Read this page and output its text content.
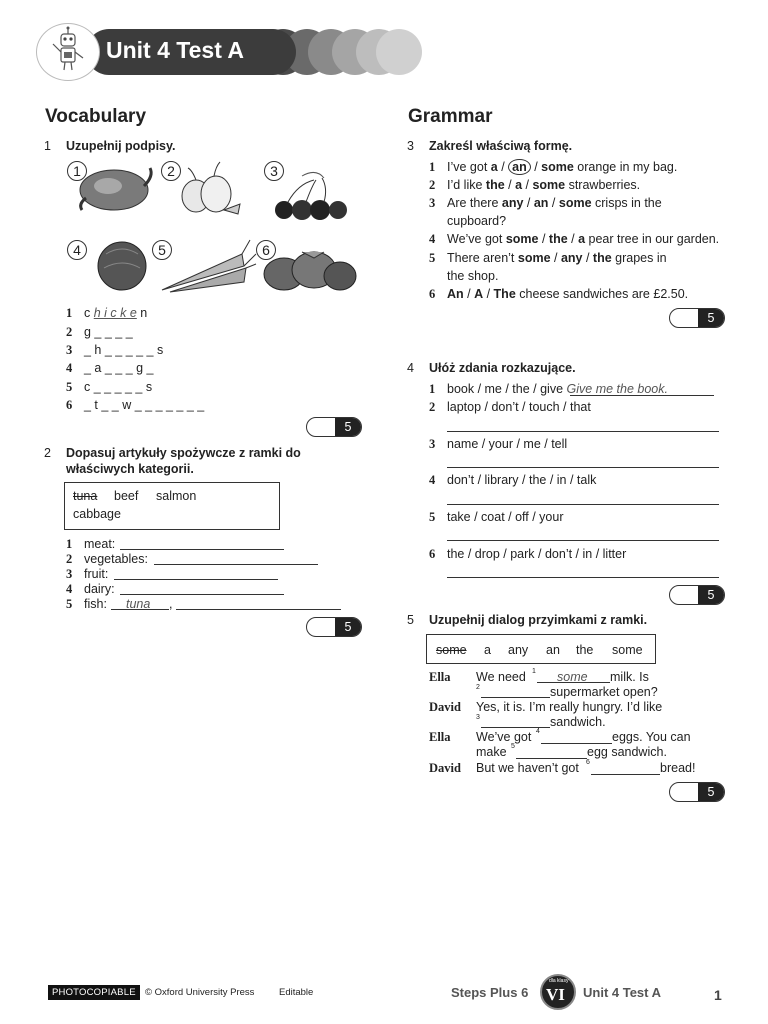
Unit 4 Test A
Vocabulary
1 Uzupełnij podpisy.
1	2	3
4	5	6
1 c h i c k e n
2 g _ _ _ _
3 _ h _ _ _ _ _ s
4 _ a _ _ _ g _
5 c _ _ _ _ _ s
6 _ t _ _ w _ _ _ _ _ _ _
5
2 Dopasuj artykuły spożywcze z ramki do
właściwych kategorii.
tuna beef salmon
cabbage
1 meat:
2 vegetables:
3 fruit:
4 dairy:
5 fish: tuna ,
5
Grammar
3 Zakreśl właściwą formę.
1 I’ve got a / an / some orange in my bag.
2 I’d like the / a / some strawberries.
3 Are there any / an / some crisps in the
cupboard?
4 We’ve got some / the / a pear tree in our garden.
5 There aren’t some / any / the grapes in
the shop.
6 An / A / The cheese sandwiches are £2.50.
5
4 Ułóż zdania rozkazujące.
1 book / me / the / give Give me the book.
2 laptop / don’t / touch / that
3 name / your / me / tell
4 don’t / library / the / in / talk
5 take / coat / off / your
6 the / drop / park / don’t / in / litter
5
5 Uzupełnij dialog przyimkami z ramki.
some a any an the some
Ella We need 1 some milk. Is
2	supermarket open?
David Yes, it is. I’m really hungry. I’d like
3	sandwich.
Ella We’ve got 4	eggs. You can
make 5	egg sandwich.
David But we haven’t got 6	bread!
5
PHOTOCOPIABLE © Oxford University Press	Editable	Steps Plus 6
dla klasy
VI Unit 4 Test A	1
